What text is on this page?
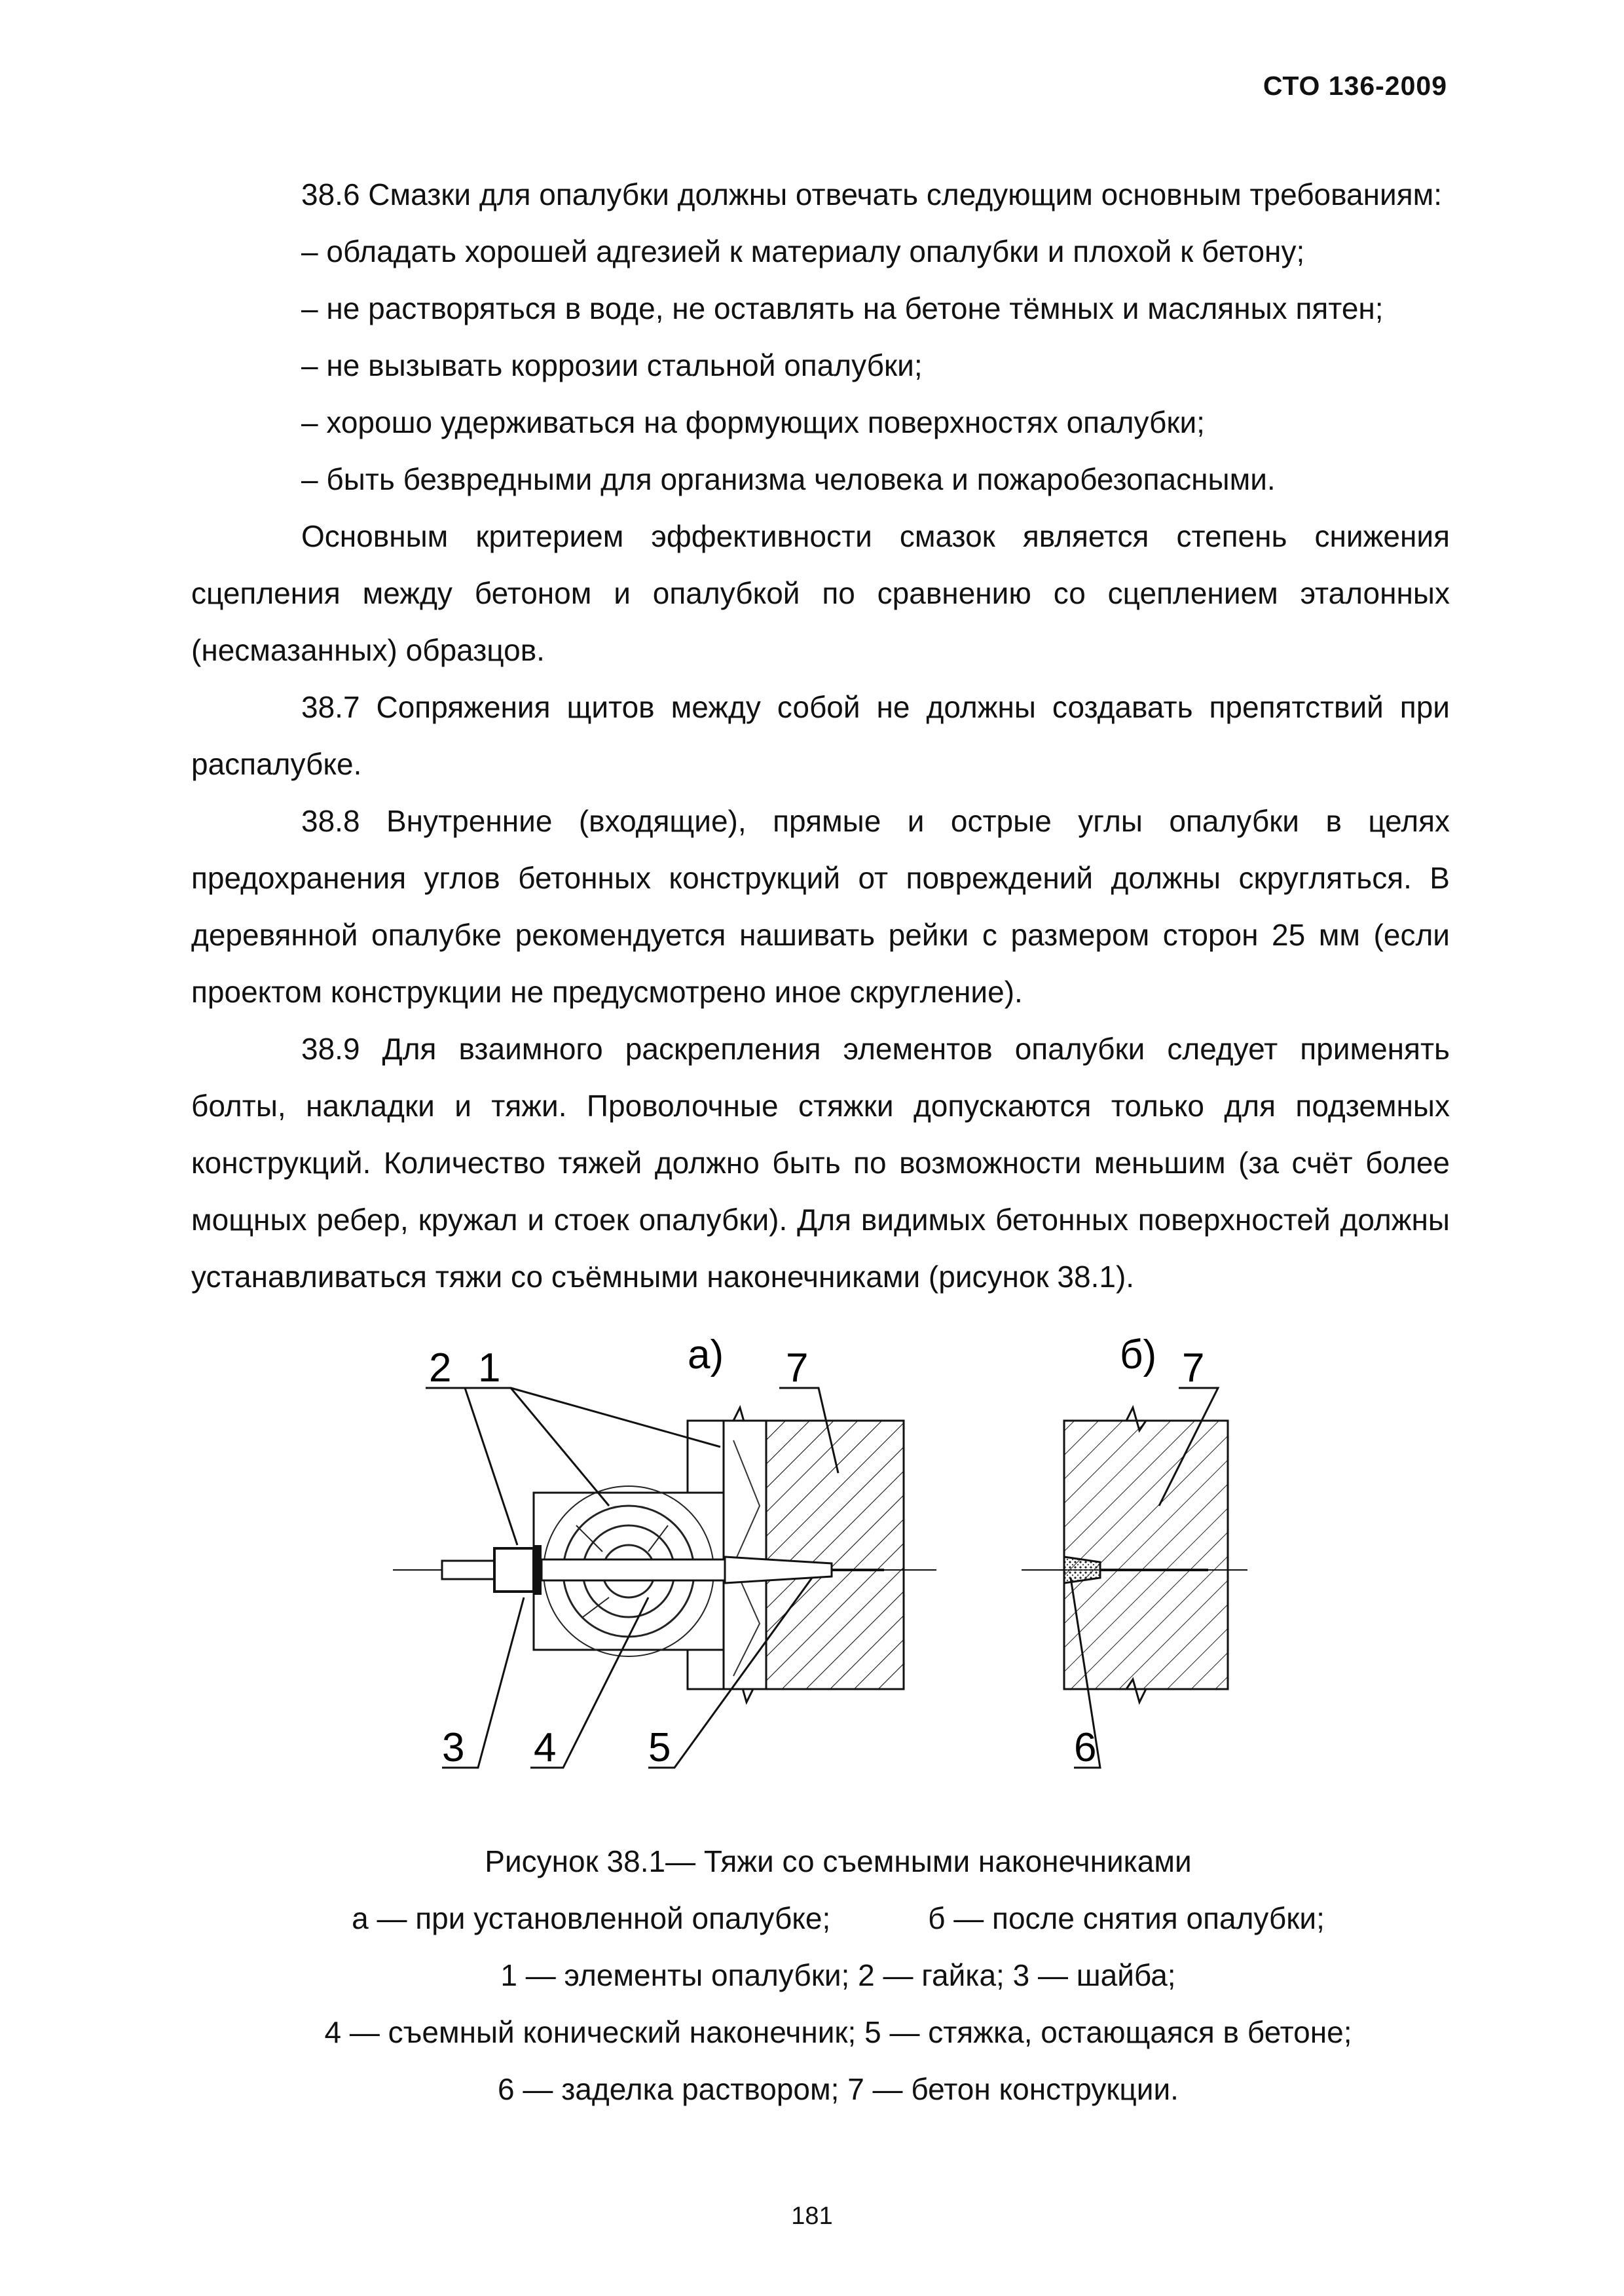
СТО 136-2009

38.6 Смазки для опалубки должны отвечать следующим основным требованиям:

– обладать хорошей адгезией к материалу опалубки и плохой к бетону;

– не растворяться в воде, не оставлять на бетоне тёмных и масляных пятен;

– не вызывать коррозии стальной опалубки;

– хорошо удерживаться на формующих поверхностях опалубки;

– быть безвредными для организма человека и пожаробезопасными.

Основным критерием эффективности смазок является степень снижения сцепления между бетоном и опалубкой по сравнению со сцеплением эталонных (несмазанных) образцов.

38.7 Сопряжения щитов между собой не должны создавать препятствий при распалубке.

38.8 Внутренние (входящие), прямые и острые углы опалубки в целях предохранения углов бетонных конструкций от повреждений должны скругляться. В деревянной опалубке рекомендуется нашивать рейки с размером сторон 25 мм (если проектом конструкции не предусмотрено иное скругление).

38.9 Для взаимного раскрепления элементов опалубки следует применять болты, накладки и тяжи. Проволочные стяжки допускаются только для подземных конструкций. Количество тяжей должно быть по возможности меньшим (за счёт более мощных ребер, кружал и стоек опалубки). Для видимых бетонных поверхностей должны устанавливаться тяжи со съёмными наконечниками (рисунок 38.1).

а)	б)
2 1
3 4 5
7
6
7
Рисунок 38.1— Тяжи со съемными наконечниками
а — при установленной опалубке;	б — после снятия опалубки;
1 — элементы опалубки; 2 — гайка; 3 — шайба;
4 — съемный конический наконечник; 5 — стяжка, остающаяся в бетоне;
6 — заделка раствором; 7 — бетон конструкции.
181
